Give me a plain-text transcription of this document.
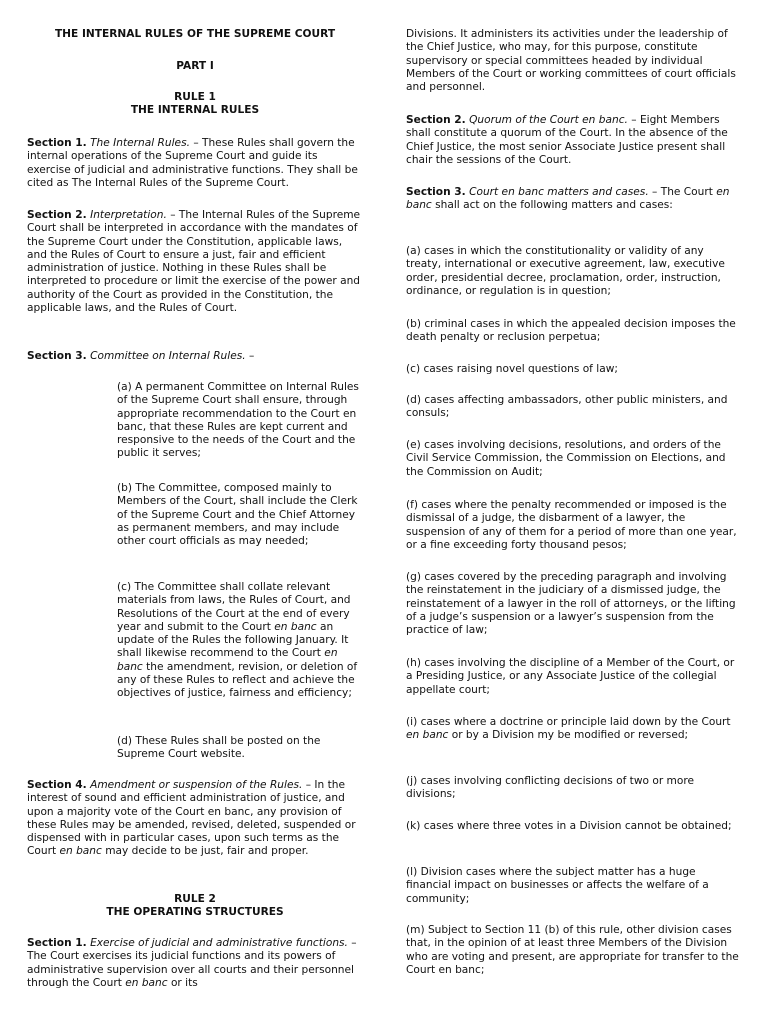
THE INTERNAL RULES OF THE SUPREME COURT

PART I

RULE 1

THE INTERNAL RULES

Section 1. The Internal Rules. – These Rules shall govern the internal operations of the Supreme Court and guide its exercise of judicial and administrative functions. They shall be cited as The Internal Rules of the Supreme Court.

Section 2. Interpretation. – The Internal Rules of the Supreme Court shall be interpreted in accordance with the mandates of the Supreme Court under the Constitution, applicable laws, and the Rules of Court to ensure a just, fair and efficient administration of justice. Nothing in these Rules shall be interpreted to procedure or limit the exercise of the power and authority of the Court as provided in the Constitution, the applicable laws, and the Rules of Court.

Section 3. Committee on Internal Rules. –

(a) A permanent Committee on Internal Rules of the Supreme Court shall ensure, through appropriate recommendation to the Court en banc, that these Rules are kept current and responsive to the needs of the Court and the public it serves;

(b) The Committee, composed mainly to Members of the Court, shall include the Clerk of the Supreme Court and the Chief Attorney as permanent members, and may include other court officials as may needed;

(c) The Committee shall collate relevant materials from laws, the Rules of Court, and Resolutions of the Court at the end of every year and submit to the Court en banc an update of the Rules the following January. It shall likewise recommend to the Court en banc the amendment, revision, or deletion of any of these Rules to reflect and achieve the objectives of justice, fairness and efficiency;

(d) These Rules shall be posted on the Supreme Court website.

Section 4. Amendment or suspension of the Rules. – In the interest of sound and efficient administration of justice, and upon a majority vote of the Court en banc, any provision of these Rules may be amended, revised, deleted, suspended or dispensed with in particular cases, upon such terms as the Court en banc may decide to be just, fair and proper.

RULE 2

THE OPERATING STRUCTURES

Section 1. Exercise of judicial and administrative functions. – The Court exercises its judicial functions and its powers of administrative supervision over all courts and their personnel through the Court en banc or its

Divisions. It administers its activities under the leadership of the Chief Justice, who may, for this purpose, constitute supervisory or special committees headed by individual Members of the Court or working committees of court officials and personnel.

Section 2. Quorum of the Court en banc. – Eight Members shall constitute a quorum of the Court. In the absence of the Chief Justice, the most senior Associate Justice present shall chair the sessions of the Court.

Section 3. Court en banc matters and cases. – The Court en banc shall act on the following matters and cases:

(a) cases in which the constitutionality or validity of any treaty, international or executive agreement, law, executive order, presidential decree, proclamation, order, instruction, ordinance, or regulation is in question;

(b) criminal cases in which the appealed decision imposes the death penalty or reclusion perpetua;

(c) cases raising novel questions of law;

(d) cases affecting ambassadors, other public ministers, and consuls;

(e) cases involving decisions, resolutions, and orders of the Civil Service Commission, the Commission on Elections, and the Commission on Audit;

(f) cases where the penalty recommended or imposed is the dismissal of a judge, the disbarment of a lawyer, the suspension of any of them for a period of more than one year, or a fine exceeding forty thousand pesos;

(g) cases covered by the preceding paragraph and involving the reinstatement in the judiciary of a dismissed judge, the reinstatement of a lawyer in the roll of attorneys, or the lifting of a judge’s suspension or a lawyer’s suspension from the practice of law;

(h) cases involving the discipline of a Member of the Court, or a Presiding Justice, or any Associate Justice of the collegial appellate court;

(i) cases where a doctrine or principle laid down by the Court en banc or by a Division my be modified or reversed;

(j) cases involving conflicting decisions of two or more divisions;

(k) cases where three votes in a Division cannot be obtained;

(l) Division cases where the subject matter has a huge financial impact on businesses or affects the welfare of a community;

(m) Subject to Section 11 (b) of this rule, other division cases that, in the opinion of at least three Members of the Division who are voting and present, are appropriate for transfer to the Court en banc;
